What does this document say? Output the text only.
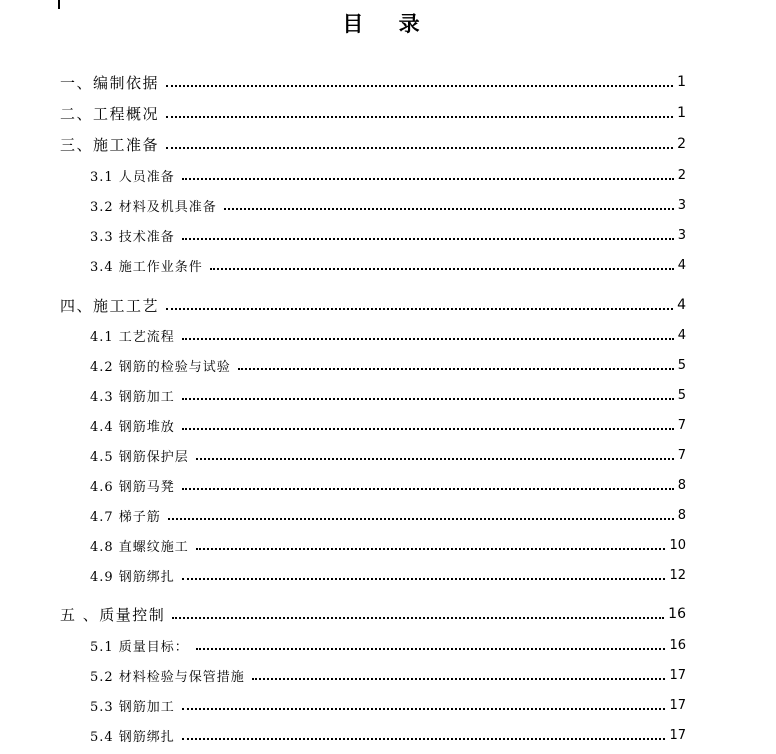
目 录
一、编制依据	1
二、工程概况	1
三、施工准备	2
3.1 人员准备	2
3.2 材料及机具准备	3
3.3 技术准备	3
3.4 施工作业条件	4
四、施工工艺	4
4.1 工艺流程	4
4.2 钢筋的检验与试验	5
4.3 钢筋加工	5
4.4 钢筋堆放	7
4.5 钢筋保护层	7
4.6 钢筋马凳	8
4.7 梯子筋	8
4.8 直螺纹施工	10
4.9 钢筋绑扎	12
五 、质量控制	16
5.1 质量目标：	16
5.2 材料检验与保管措施	17
5.3 钢筋加工	17
5.4 钢筋绑扎	17
